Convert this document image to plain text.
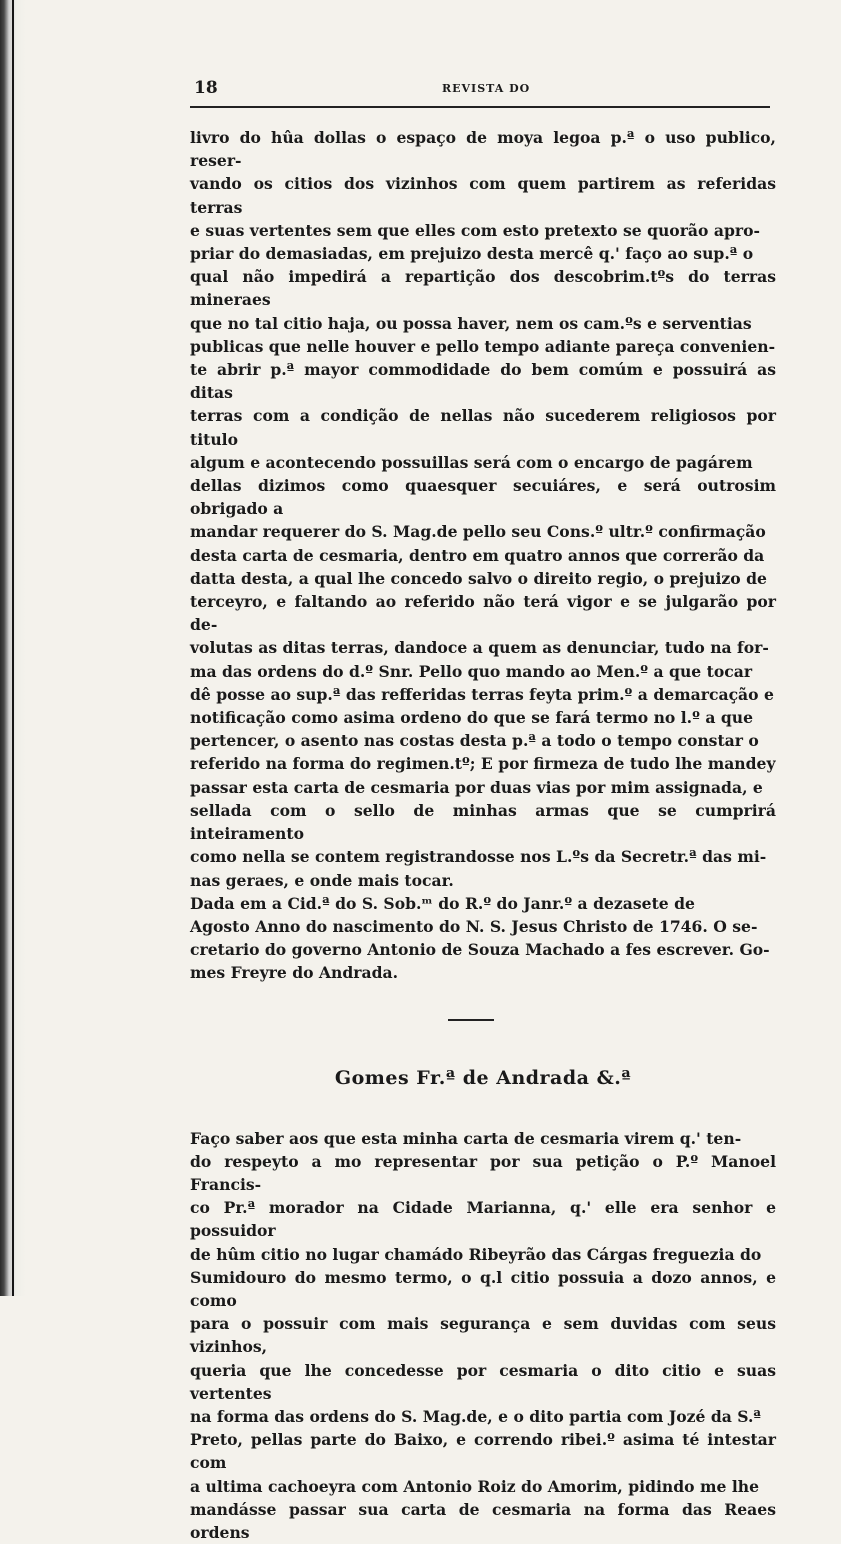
18	REVISTA DO

livro do hûa dollas o espaço de moya legoa p.ª o uso publico, reser-
vando os citios dos vizinhos com quem partirem as referidas terras
e suas vertentes sem que elles com esto pretexto se quorão apro-
priar do demasiadas, em prejuizo desta mercê q.' faço ao sup.ª o
qual não impedirá a repartição dos descobrim.tºs do terras mineraes
que no tal citio haja, ou possa haver, nem os cam.ºs e serventias
publicas que nelle houver e pello tempo adiante pareça convenien-
te abrir p.ª mayor commodidade do bem comúm e possuirá as ditas
terras com a condição de nellas não sucederem religiosos por titulo
algum e acontecendo possuillas será com o encargo de pagárem
dellas dizimos como quaesquer secuiáres, e será outrosim obrigado a
mandar requerer do S. Mag.de pello seu Cons.º ultr.º confirmação
desta carta de cesmaria, dentro em quatro annos que correrão da
datta desta, a qual lhe concedo salvo o direito regio, o prejuizo de
terceyro, e faltando ao referido não terá vigor e se julgarão por de-
volutas as ditas terras, dandoce a quem as denunciar, tudo na for-
ma das ordens do d.º Snr. Pello quo mando ao Men.º a que tocar
dê posse ao sup.ª das refferidas terras feyta prim.º a demarcação e
notificação como asima ordeno do que se fará termo no l.º a que
pertencer, o asento nas costas desta p.ª a todo o tempo constar o
referido na forma do regimen.tº; E por firmeza de tudo lhe mandey
passar esta carta de cesmaria por duas vias por mim assignada, e
sellada com o sello de minhas armas que se cumprirá inteiramento
como nella se contem registrandosse nos L.ºs da Secretr.ª das mi-
nas geraes, e onde mais tocar.

Dada em a Cid.ª do S. Sob.ᵐ do R.º do Janr.º a dezasete de
Agosto Anno do nascimento do N. S. Jesus Christo de 1746. O se-
cretario do governo Antonio de Souza Machado a fes escrever. Go-
mes Freyre do Andrada.

Gomes Fr.ª de Andrada &.ª

Faço saber aos que esta minha carta de cesmaria virem q.' ten-
do respeyto a mo representar por sua petição o P.º Manoel Francis-
co Pr.ª morador na Cidade Marianna, q.' elle era senhor e possuidor
de hûm citio no lugar chamádo Ribeyrão das Cárgas freguezia do
Sumidouro do mesmo termo, o q.l citio possuia a dozo annos, e como
para o possuir com mais segurança e sem duvidas com seus vizinhos,
queria que lhe concedesse por cesmaria o dito citio e suas vertentes
na forma das ordens do S. Mag.de, e o dito partia com Jozé da S.ª
Preto, pellas parte do Baixo, e correndo ribei.º asima té intestar com
a ultima cachoeyra com Antonio Roiz do Amorim, pidindo me lhe
mandásse passar sua carta de cesmaria na forma das Reaes ordens
